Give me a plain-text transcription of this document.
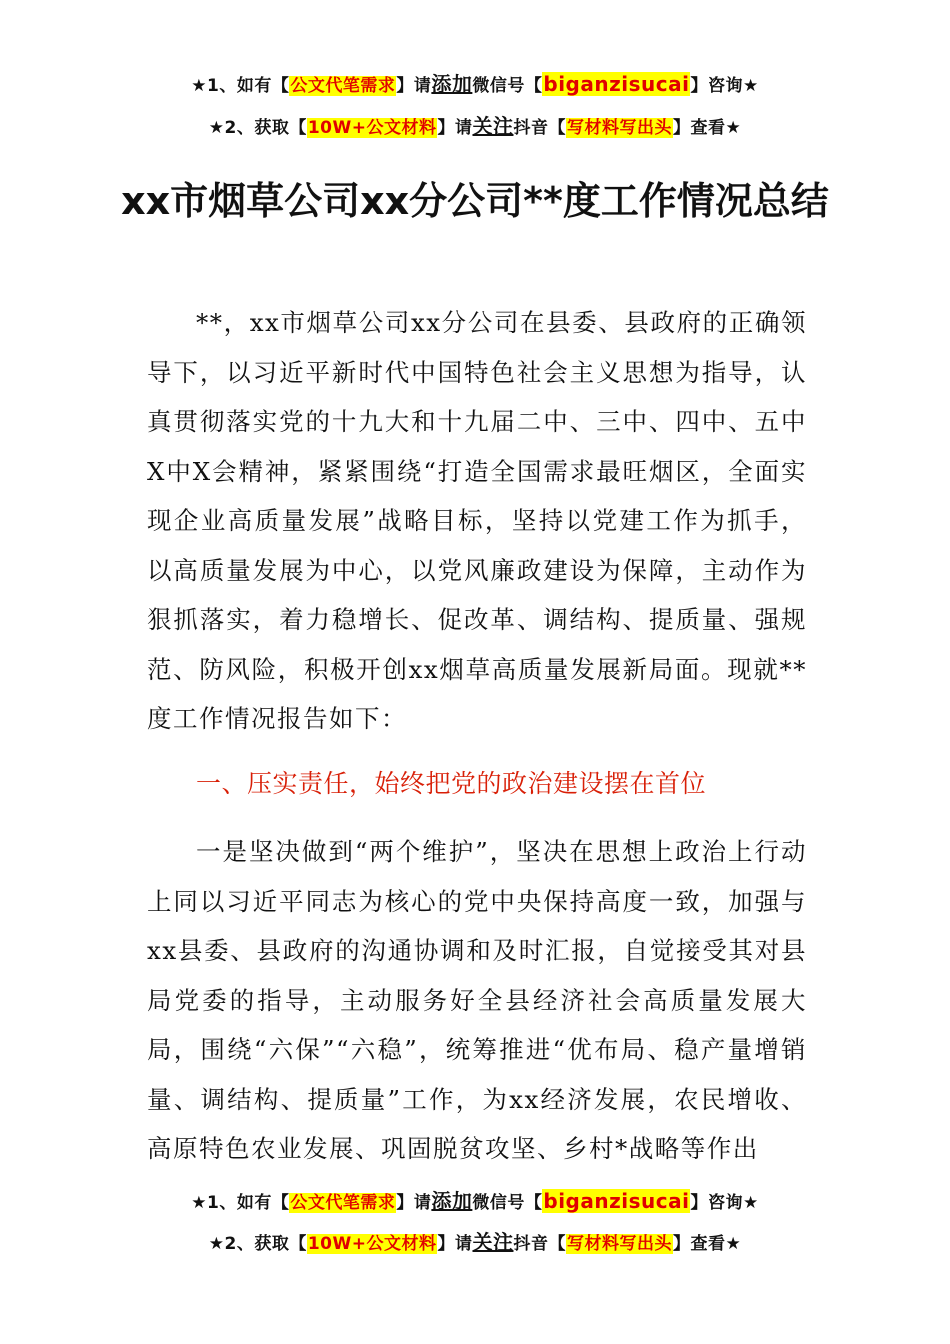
★1、如有【公文代笔需求】请添加微信号【biganzisucai】咨询★
★2、获取【10W+公文材料】请关注抖音【写材料写出头】查看★
xx市烟草公司xx分公司**度工作情况总结

**，xx市烟草公司xx分公司在县委、县政府的正确领导下，以习近平新时代中国特色社会主义思想为指导，认真贯彻落实党的十九大和十九届二中、三中、四中、五中X中X会精神，紧紧围绕“打造全国需求最旺烟区，全面实现企业高质量发展”战略目标，坚持以党建工作为抓手，以高质量发展为中心，以党风廉政建设为保障，主动作为狠抓落实，着力稳增长、促改革、调结构、提质量、强规范、防风险，积极开创xx烟草高质量发展新局面。现就**度工作情况报告如下：

一、压实责任，始终把党的政治建设摆在首位

一是坚决做到“两个维护”，坚决在思想上政治上行动上同以习近平同志为核心的党中央保持高度一致，加强与xx县委、县政府的沟通协调和及时汇报，自觉接受其对县局党委的指导，主动服务好全县经济社会高质量发展大局，围绕“六保”“六稳”，统筹推进“优布局、稳产量增销量、调结构、提质量”工作，为xx经济发展，农民增收、高原特色农业发展、巩固脱贫攻坚、乡村*战略等作出

★1、如有【公文代笔需求】请添加微信号【biganzisucai】咨询★
★2、获取【10W+公文材料】请关注抖音【写材料写出头】查看★
